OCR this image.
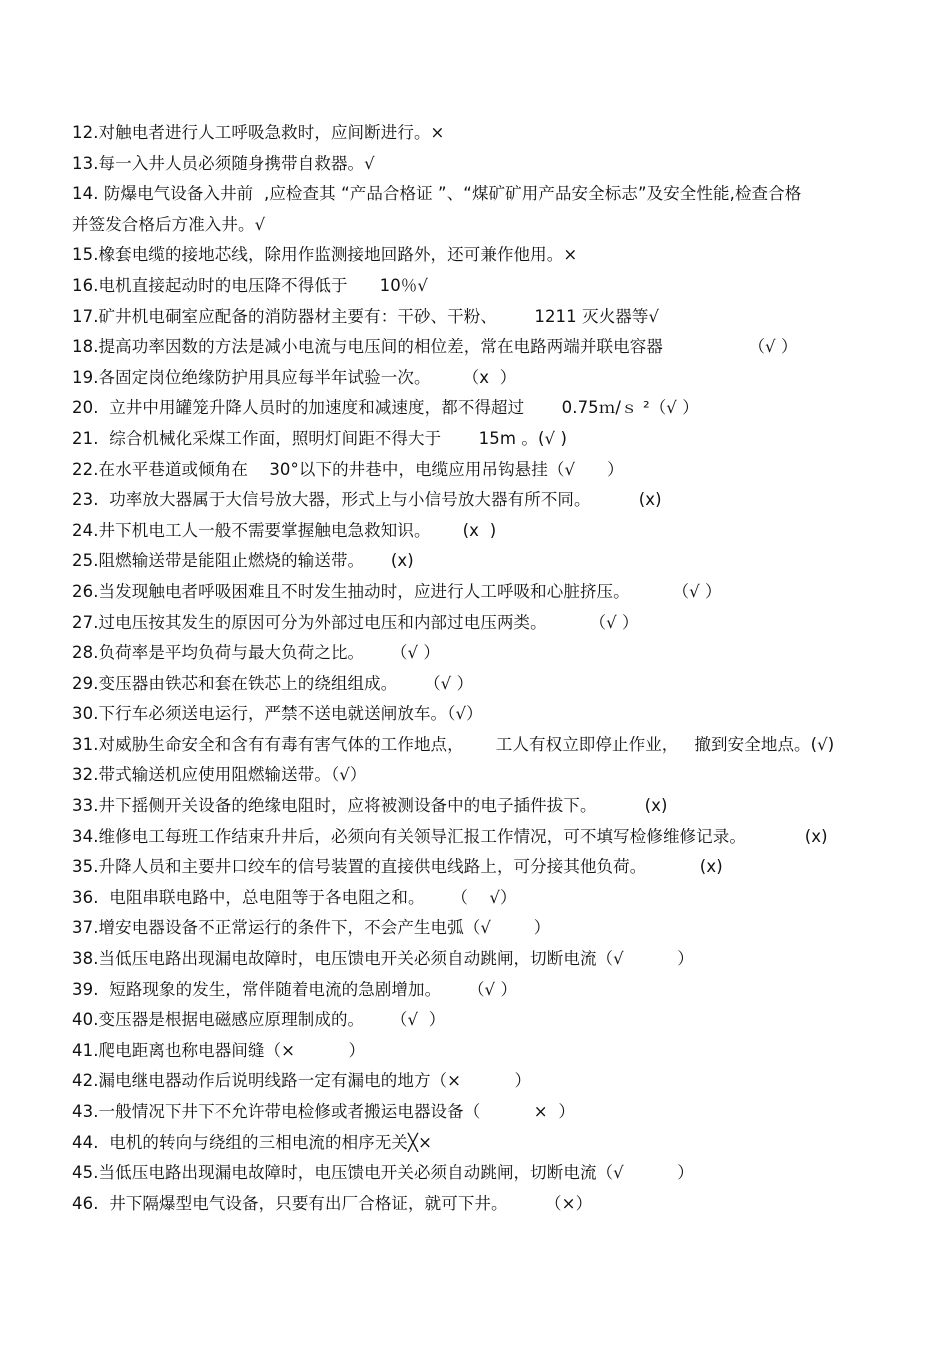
12.对触电者进行人工呼吸急救时，应间断进行。×
13.每一入井人员必须随身携带自救器。√
14. 防爆电气设备入井前  ,应检查其 “产品合格证 ”、“煤矿矿用产品安全标志”及安全性能,检查合格
并签发合格后方准入井。√
15.橡套电缆的接地芯线，除用作监测接地回路外，还可兼作他用。×
16.电机直接起动时的电压降不得低于      10％√
17.矿井机电硐室应配备的消防器材主要有：干砂、干粉、       1211 灭火器等√
18.提高功率因数的方法是减小电流与电压间的相位差，常在电路两端并联电容器                （√ ）
19.各固定岗位绝缘防护用具应每半年试验一次。      （x  ）
20.  立井中用罐笼升降人员时的加速度和减速度，都不得超过       0.75ｍ/ｓ ²（√ ）
21.  综合机械化采煤工作面，照明灯间距不得大于       15m 。(√ )
22.在水平巷道或倾角在    30°以下的井巷中，电缆应用吊钩悬挂（√      ）
23.  功率放大器属于大信号放大器，形式上与小信号放大器有所不同。         (x)
24.井下机电工人一般不需要掌握触电急救知识。      (x  )
25.阻燃输送带是能阻止燃烧的输送带。     (x)
26.当发现触电者呼吸困难且不时发生抽动时，应进行人工呼吸和心脏挤压。        （√ ）
27.过电压按其发生的原因可分为外部过电压和内部过电压两类。        （√ ）
28.负荷率是平均负荷与最大负荷之比。     （√ ）
29.变压器由铁芯和套在铁芯上的绕组组成。     （√ ）
30.下行车必须送电运行，严禁不送电就送闸放车。（√）
31.对威胁生命安全和含有有毒有害气体的工作地点，      工人有权立即停止作业，   撤到安全地点。(√)
32.带式输送机应使用阻燃输送带。（√）
33.井下摇侧开关设备的绝缘电阻时，应将被测设备中的电子插件拔下。         (x)
34.维修电工每班工作结束升井后，必须向有关领导汇报工作情况，可不填写检修维修记录。           (x)
35.升降人员和主要井口绞车的信号装置的直接供电线路上，可分接其他负荷。          (x)
36.  电阻串联电路中，总电阻等于各电阻之和。     （    √）
37.增安电器设备不正常运行的条件下，不会产生电弧（√        ）
38.当低压电路出现漏电故障时，电压馈电开关必须自动跳闸，切断电流（√          ）
39.  短路现象的发生，常伴随着电流的急剧增加。     （√ ）
40.变压器是根据电磁感应原理制成的。     （√  ）
41.爬电距离也称电器间缝（×          ）
42.漏电继电器动作后说明线路一定有漏电的地方（×          ）
43.一般情况下井下不允许带电检修或者搬运电器设备（          ×  ）
44.  电机的转向与绕组的三相电流的相序无关╳×
45.当低压电路出现漏电故障时，电压馈电开关必须自动跳闸，切断电流（√          ）
46.  井下隔爆型电气设备，只要有出厂合格证，就可下井。       （×）
